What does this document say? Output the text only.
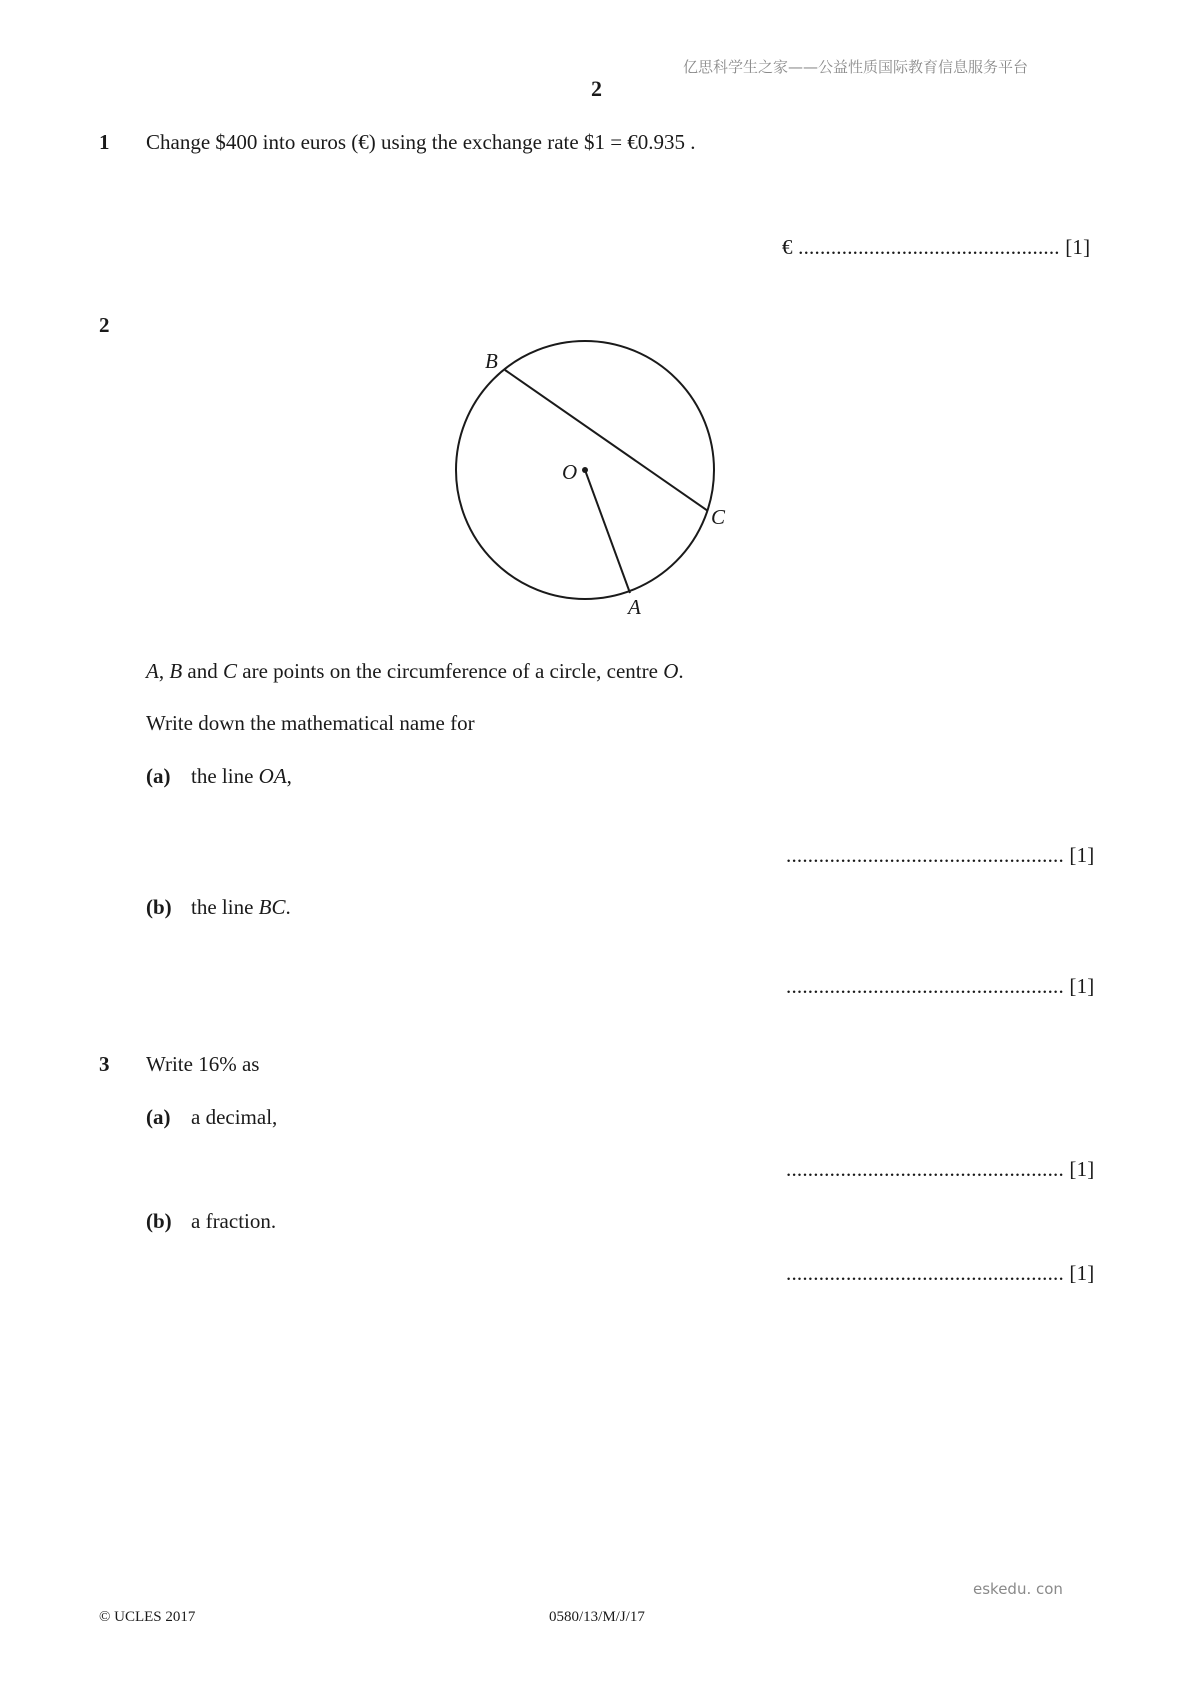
亿思科学生之家——公益性质国际教育信息服务平台
2
1 Change $400 into euros (€) using the exchange rate $1 = €0.935 .
€ ................................................ [1]
2
B
O
C
A
A, B and C are points on the circumference of a circle, centre O.
Write down the mathematical name for
(a) the line OA,
................................................... [1]
(b) the line BC.
................................................... [1]
3 Write 16% as
(a) a decimal,
................................................... [1]
(b) a fraction.
................................................... [1]
eskedu. con
© UCLES 2017	0580/13/M/J/17
